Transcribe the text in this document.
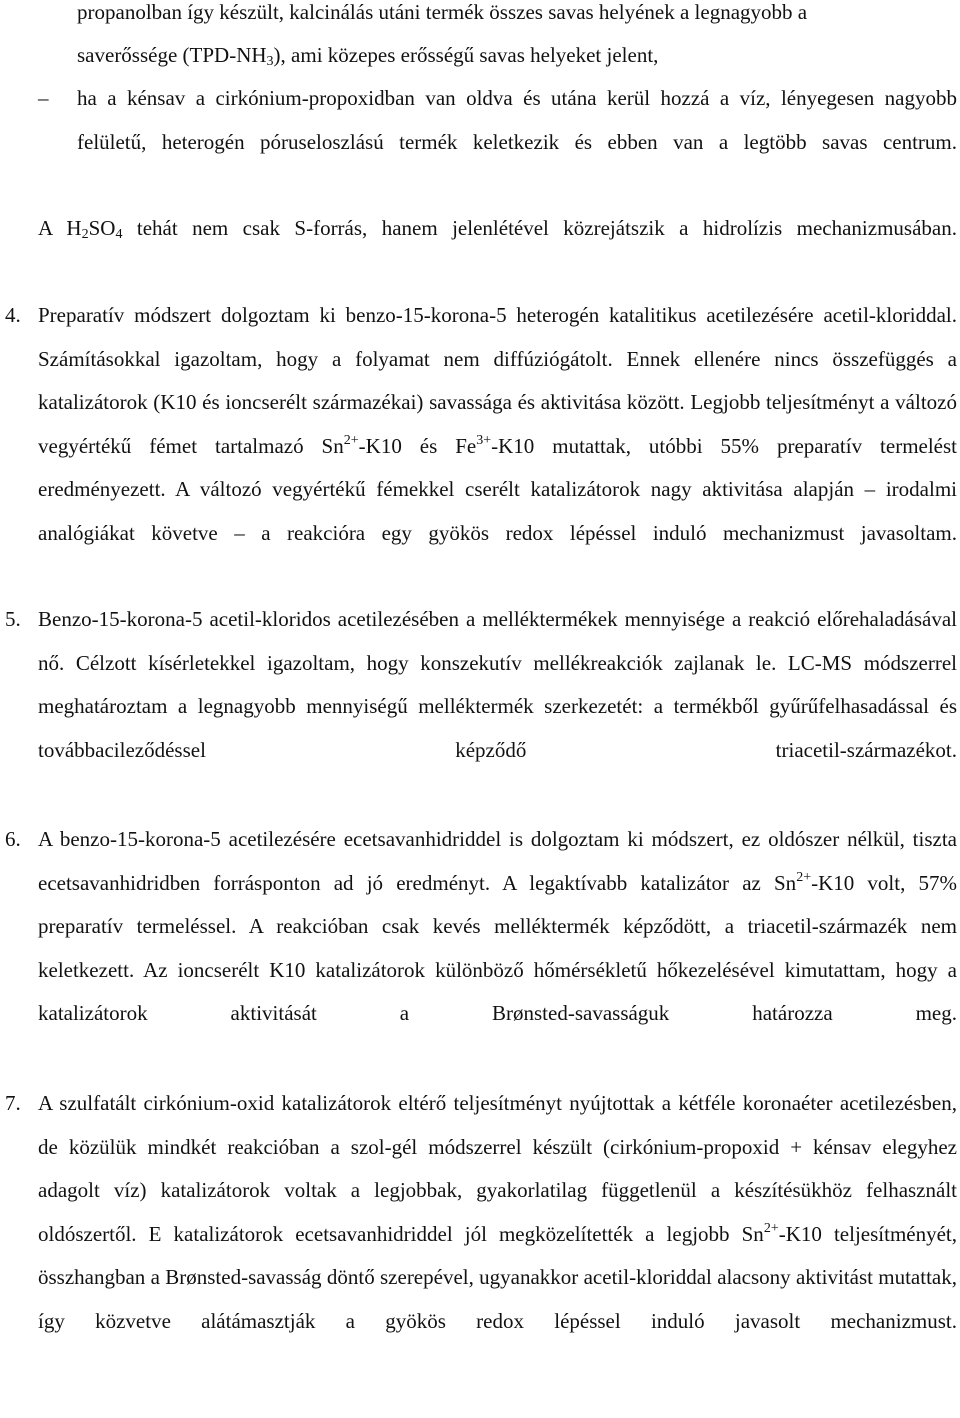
propanolban így készült, kalcinálás utáni termék összes savas helyének a legnagyobb a

saverőssége $(TPD-NH_3)$, ami közepes erősségű savas helyeket jelent,

– ha a kénsav a cirkónium-propoxidban van oldva és utána kerül hozzá a víz, lényegesen nagyobb felületű, heterogén póruseloszlású termék keletkezik és ebben van a legtöbb savas centrum.

A $H_2SO_4$ tehát nem csak S-forrás, hanem jelenlétével közrejátszik a hidrolízis mechanizmusában.

4. Preparatív módszert dolgoztam ki benzo-15-korona-5 heterogén katalitikus acetilezésére acetil-kloriddal. Számításokkal igazoltam, hogy a folyamat nem diffúziógátolt. Ennek ellenére nincs összefüggés a katalizátorok (K10 és ioncserélt származékai) savassága és aktivitása között. Legjobb teljesítményt a változó vegyértékű fémet tartalmazó $Sn^{2+}-K10$ és $Fe^{3+}-K10$ mutattak, utóbbi 55% preparatív termelést eredményezett. A változó vegyértékű fémekkel cserélt katalizátorok nagy aktivitása alapján – irodalmi analógiákat követve – a reakcióra egy gyökös redox lépéssel induló mechanizmust javasoltam.

5. Benzo-15-korona-5 acetil-kloridos acetilezésében a melléktermékek mennyisége a reakció előrehaladásával nő. Célzott kísérletekkel igazoltam, hogy konszekutív mellékreakciók zajlanak le. LC-MS módszerrel meghatároztam a legnagyobb mennyiségű melléktermék szerkezetét: a termékből gyűrűfelhasadással és továbbacileződéssel képződő triacetil-származékot.

6. A benzo-15-korona-5 acetilezésére ecetsavanhidriddel is dolgoztam ki módszert, ez oldószer nélkül, tiszta ecetsavanhidridben forrásponton ad jó eredményt. A legaktívabb katalizátor az $Sn^{2+}-K10$ volt, 57% preparatív termeléssel. A reakcióban csak kevés melléktermék képződött, a triacetil-származék nem keletkezett. Az ioncserélt K10 katalizátorok különböző hőmérsékletű hőkezelésével kimutattam, hogy a katalizátorok aktivitását a Brønsted-savasságuk határozza meg.

7. A szulfatált cirkónium-oxid katalizátorok eltérő teljesítményt nyújtottak a kétféle koronaéter acetilezésben, de közülük mindkét reakcióban a szol-gél módszerrel készült (cirkónium-propoxid + kénsav elegyhez adagolt víz) katalizátorok voltak a legjobbak, gyakorlatilag függetlenül a készítésükhöz felhasznált oldószertől. E katalizátorok ecetsavanhidriddel jól megközelítették a legjobb $Sn^{2+}-K10$ teljesítményét, összhangban a Brønsted-savasság döntő szerepével, ugyanakkor acetil-kloriddal alacsony aktivitást mutattak, így közvetve alátámasztják a gyökös redox lépéssel induló javasolt mechanizmust.
